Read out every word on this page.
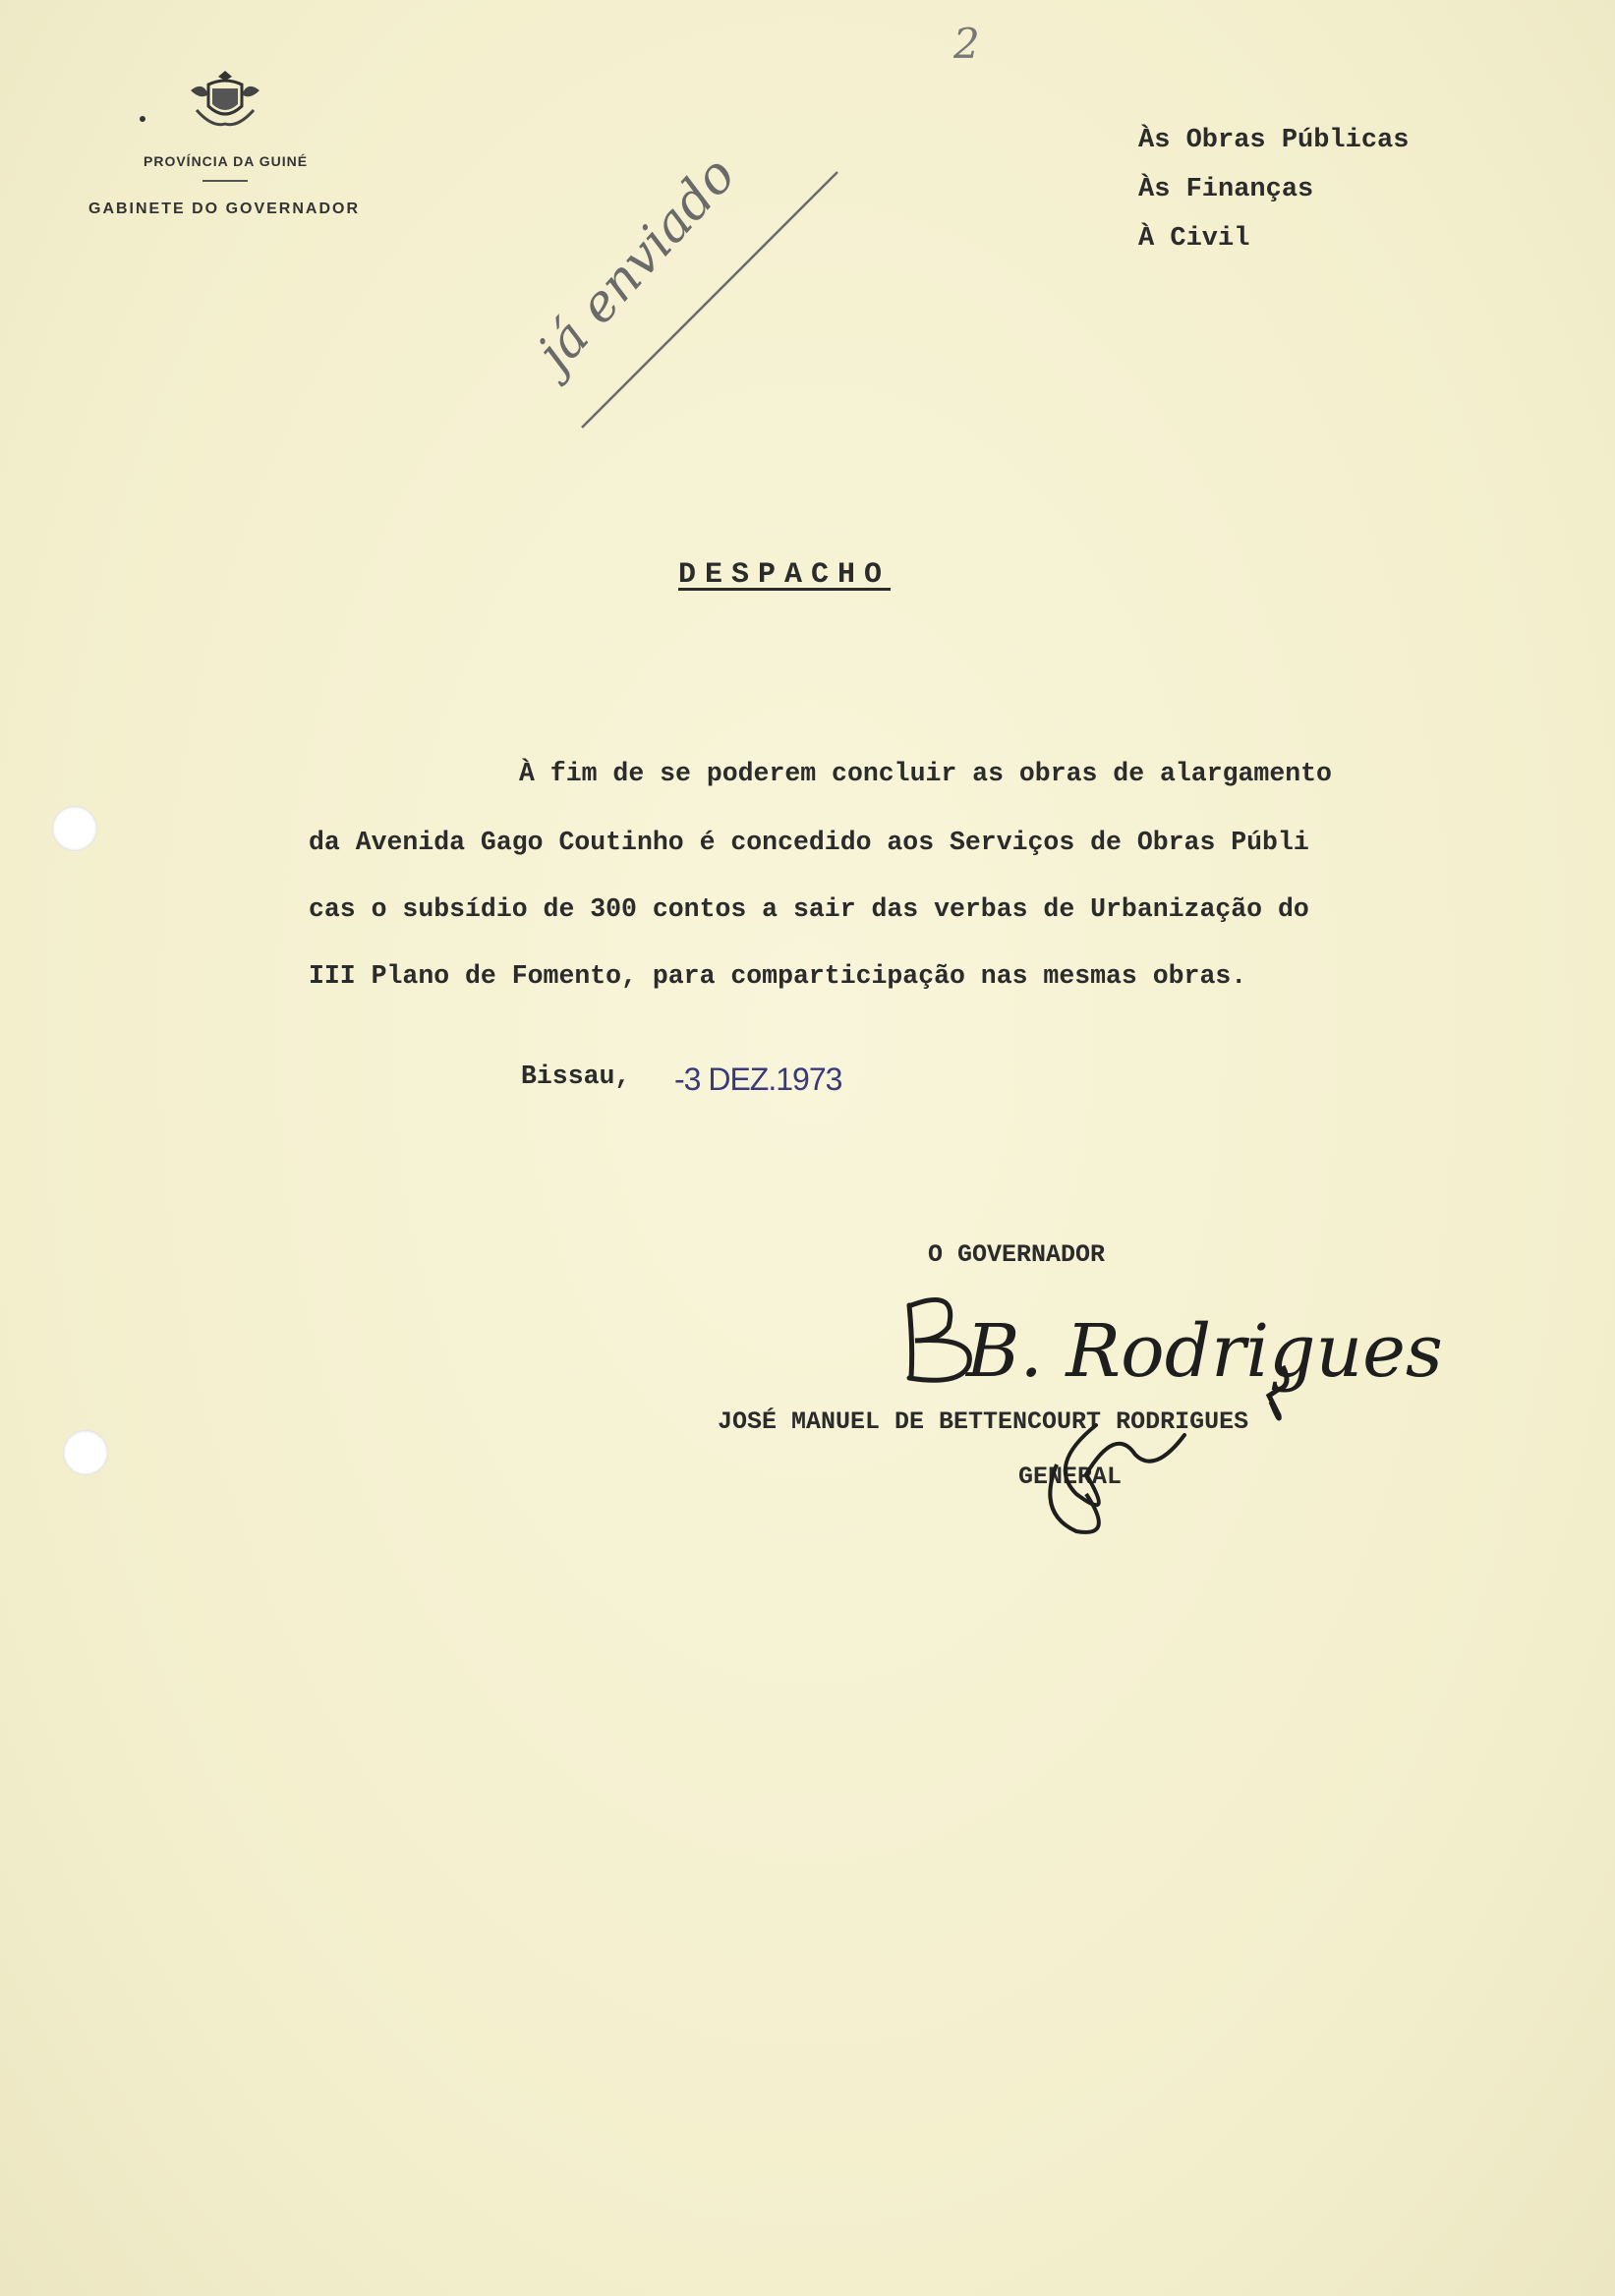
2
PROVÍNCIA DA GUINÉ
GABINETE DO GOVERNADOR
Às Obras Públicas
Às Finanças
À Civil
já enviado
DESPACHO
À fim de se poderem concluir as obras de alargamento
da Avenida Gago Coutinho é concedido aos Serviços de Obras Públi
cas o subsídio de 300 contos a sair das verbas de Urbanização do
III Plano de Fomento, para comparticipação nas mesmas obras.
Bissau, -3 DEZ.1973
O GOVERNADOR
JOSÉ MANUEL DE BETTENCOURT RODRIGUES
GENERAL
B. Rodrigues
